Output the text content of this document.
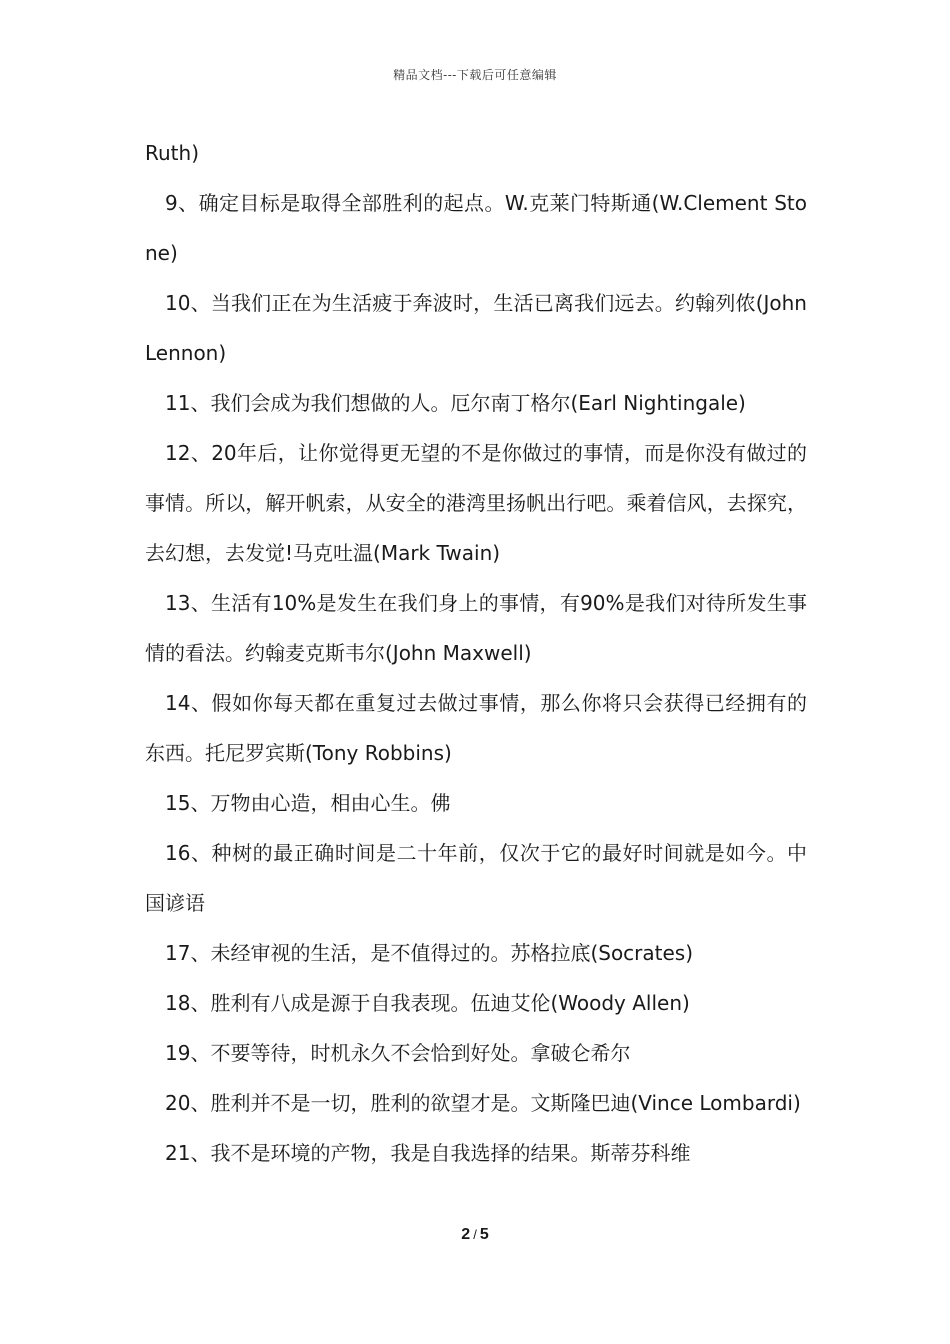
精品文档---下载后可任意编辑

Ruth)

9、确定目标是取得全部胜利的起点。W.克莱门特斯通(W.Clement Stone)

10、当我们正在为生活疲于奔波时，生活已离我们远去。约翰列侬(John Lennon)

11、我们会成为我们想做的人。厄尔南丁格尔(Earl Nightingale)

12、20年后，让你觉得更无望的不是你做过的事情，而是你没有做过的事情。所以，解开帆索，从安全的港湾里扬帆出行吧。乘着信风，去探究，去幻想，去发觉!马克吐温(Mark Twain)

13、生活有10%是发生在我们身上的事情，有90%是我们对待所发生事情的看法。约翰麦克斯韦尔(John Maxwell)

14、假如你每天都在重复过去做过事情，那么你将只会获得已经拥有的东西。托尼罗宾斯(Tony Robbins)

15、万物由心造，相由心生。佛

16、种树的最正确时间是二十年前，仅次于它的最好时间就是如今。中国谚语

17、未经审视的生活，是不值得过的。苏格拉底(Socrates)

18、胜利有八成是源于自我表现。伍迪艾伦(Woody Allen)

19、不要等待，时机永久不会恰到好处。拿破仑希尔

20、胜利并不是一切，胜利的欲望才是。文斯隆巴迪(Vince Lombardi)

21、我不是环境的产物，我是自我选择的结果。斯蒂芬科维

2 / 5
